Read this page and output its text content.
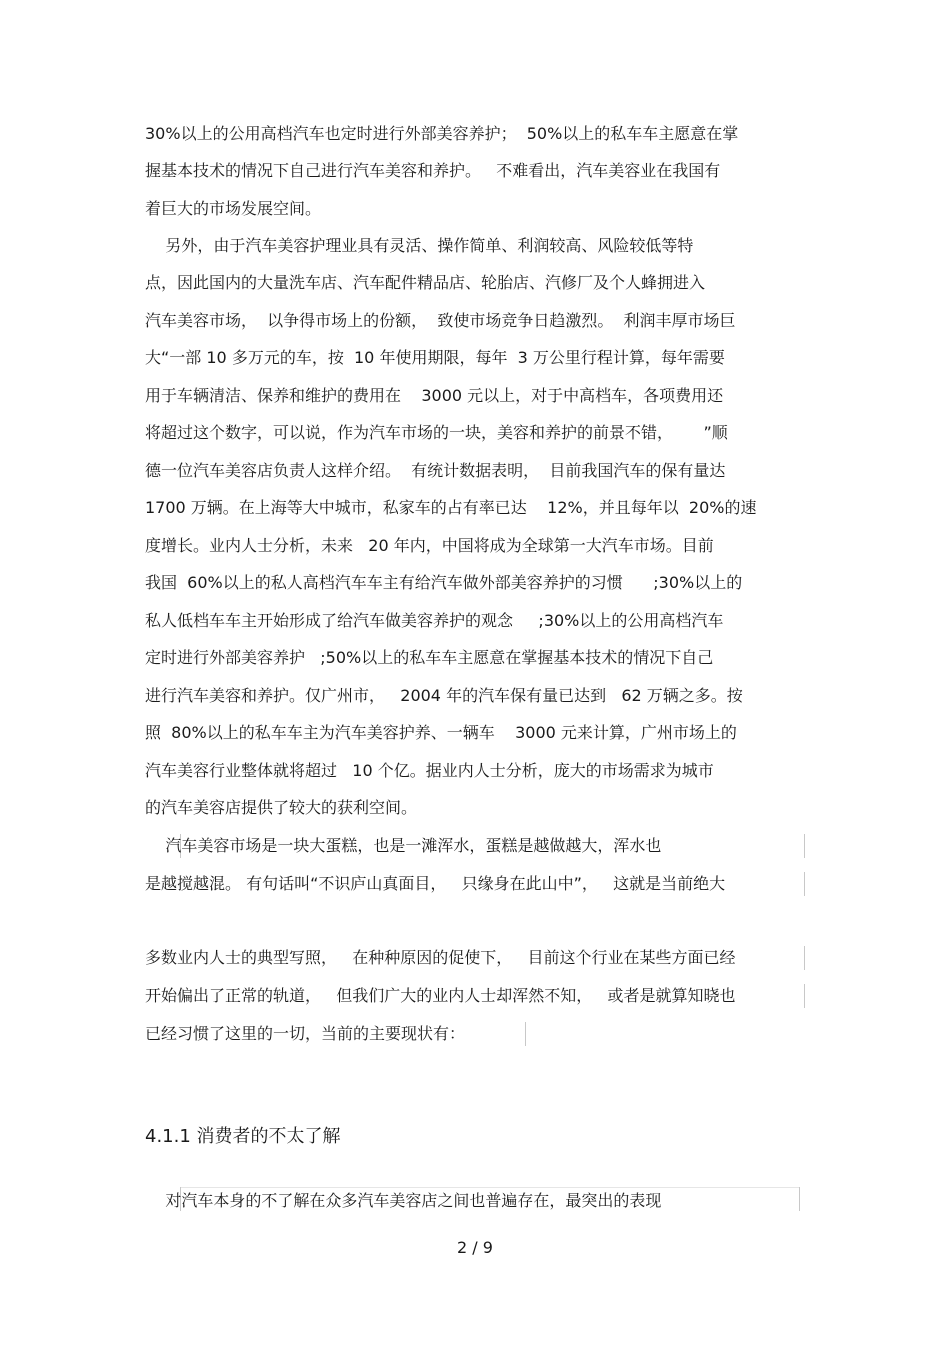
30%以上的公用高档汽车也定时进行外部美容养护；  50%以上的私车车主愿意在掌

握基本技术的情况下自己进行汽车美容和养护。   不难看出，汽车美容业在我国有

着巨大的市场发展空间。

另外，由于汽车美容护理业具有灵活、操作简单、利润较高、风险较低等特

点，因此国内的大量洗车店、汽车配件精品店、轮胎店、汽修厂及个人蜂拥进入

汽车美容市场，  以争得市场上的份额，  致使市场竞争日趋激烈。  利润丰厚市场巨

大“一部 10 多万元的车，按  10 年使用期限，每年  3 万公里行程计算，每年需要

用于车辆清洁、保养和维护的费用在    3000 元以上，对于中高档车，各项费用还

将超过这个数字，可以说，作为汽车市场的一块，美容和养护的前景不错，      ”顺

德一位汽车美容店负责人这样介绍。  有统计数据表明，  目前我国汽车的保有量达

1700 万辆。在上海等大中城市，私家车的占有率已达    12%，并且每年以  20%的速

度增长。业内人士分析，未来   20 年内，中国将成为全球第一大汽车市场。目前

我国  60%以上的私人高档汽车车主有给汽车做外部美容养护的习惯      ;30%以上的

私人低档车车主开始形成了给汽车做美容养护的观念     ;30%以上的公用高档汽车

定时进行外部美容养护   ;50%以上的私车车主愿意在掌握基本技术的情况下自己

进行汽车美容和养护。仅广州市，   2004 年的汽车保有量已达到   62 万辆之多。按

照  80%以上的私车车主为汽车美容护养、一辆车    3000 元来计算，广州市场上的

汽车美容行业整体就将超过   10 个亿。据业内人士分析，庞大的市场需求为城市

的汽车美容店提供了较大的获利空间。

汽车美容市场是一块大蛋糕，也是一滩浑水，蛋糕是越做越大，浑水也

是越搅越混。 有句话叫“不识庐山真面目，   只缘身在此山中”，   这就是当前绝大

多数业内人士的典型写照，   在种种原因的促使下，   目前这个行业在某些方面已经

开始偏出了正常的轨道，   但我们广大的业内人士却浑然不知，   或者是就算知晓也

已经习惯了这里的一切，当前的主要现状有：

4.1.1 消费者的不太了解

对汽车本身的不了解在众多汽车美容店之间也普遍存在，最突出的表现

2 / 9
